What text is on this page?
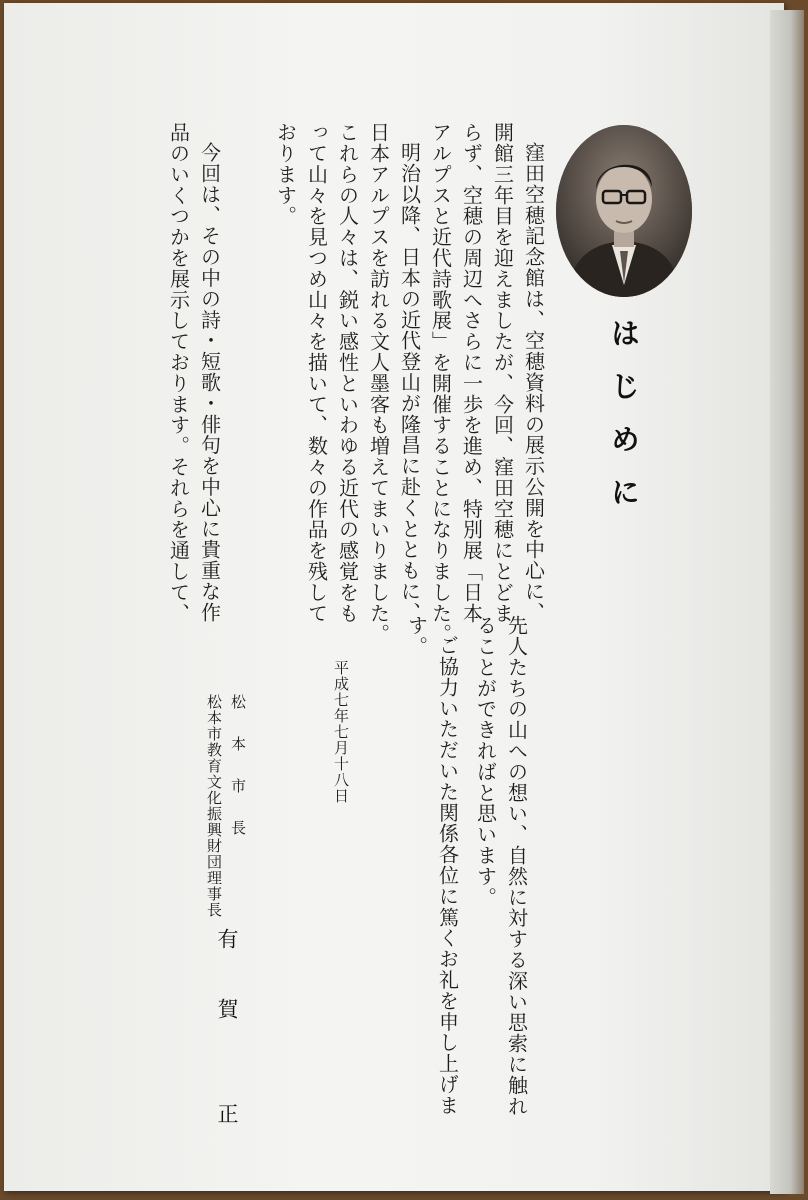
はじめに
窪田空穂記念館は、空穂資料の展示公開を中心に、
開館三年目を迎えましたが、今回、窪田空穂にとどま
らず、空穂の周辺へさらに一歩を進め、特別展「日本
アルプスと近代詩歌展」を開催することになりました。
明治以降、日本の近代登山が隆昌に赴くとともに、
日本アルプスを訪れる文人墨客も増えてまいりました。
これらの人々は、鋭い感性といわゆる近代の感覚をも
って山々を見つめ山々を描いて、数々の作品を残して
おります。
今回は、その中の詩・短歌・俳句を中心に貴重な作
品のいくつかを展示しております。それらを通して、
先人たちの山への想い、自然に対する深い思索に触れ
ることができればと思います。
ご協力いただいた関係各位に篤くお礼を申し上げま
す。
平成七年七月十八日
松　本　市　長
松本市教育文化振興財団理事長
有　賀　　正
